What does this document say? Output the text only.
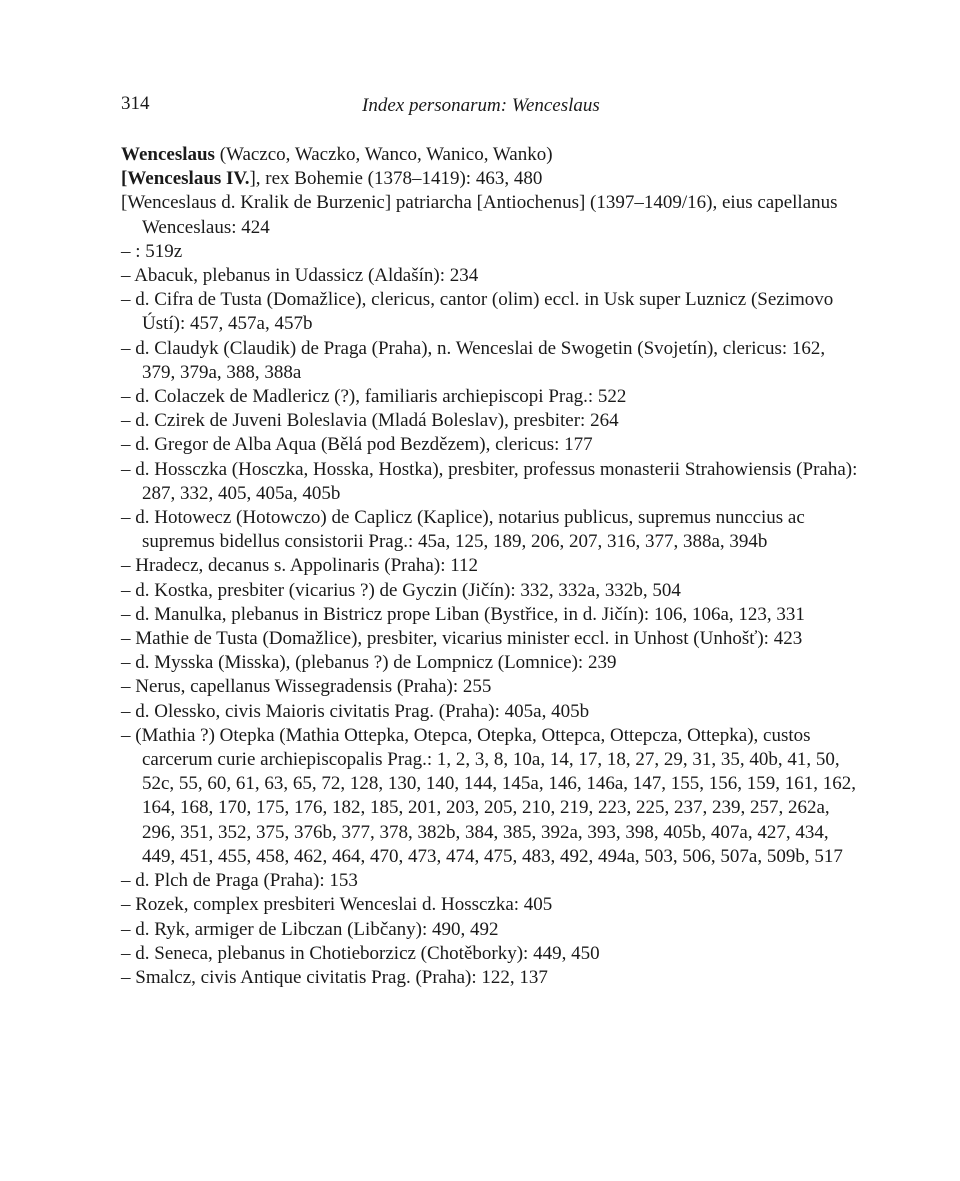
314	Index personarum: Wenceslaus

Wenceslaus (Waczco, Waczko, Wanco, Wanico, Wanko)

[Wenceslaus IV.], rex Bohemie (1378–1419): 463, 480

[Wenceslaus d. Kralik de Burzenic] patriarcha [Antiochenus] (1397–1409/16), eius capellanus Wenceslaus: 424

– : 519z

– Abacuk, plebanus in Udassicz (Aldašín): 234

– d. Cifra de Tusta (Domažlice), clericus, cantor (olim) eccl. in Usk super Luznicz (Sezimovo Ústí): 457, 457a, 457b

– d. Claudyk (Claudik) de Praga (Praha), n. Wenceslai de Swogetin (Svojetín), clericus: 162, 379, 379a, 388, 388a

– d. Colaczek de Madlericz (?), familiaris archiepiscopi Prag.: 522

– d. Czirek de Juveni Boleslavia (Mladá Boleslav), presbiter: 264

– d. Gregor de Alba Aqua (Bělá pod Bezdězem), clericus: 177

– d. Hossczka (Hosczka, Hosska, Hostka), presbiter, professus monasterii Strahowiensis (Praha): 287, 332, 405, 405a, 405b

– d. Hotowecz (Hotowczo) de Caplicz (Kaplice), notarius publicus, supremus nunccius ac supremus bidellus consistorii Prag.: 45a, 125, 189, 206, 207, 316, 377, 388a, 394b

– Hradecz, decanus s. Appolinaris (Praha): 112

– d. Kostka, presbiter (vicarius ?) de Gyczin (Jičín): 332, 332a, 332b, 504

– d. Manulka, plebanus in Bistricz prope Liban (Bystřice, in d. Jičín): 106, 106a, 123, 331

– Mathie de Tusta (Domažlice), presbiter, vicarius minister eccl. in Unhost (Unhošť): 423

– d. Mysska (Misska), (plebanus ?) de Lompnicz (Lomnice): 239

– Nerus, capellanus Wissegradensis (Praha): 255

– d. Olessko, civis Maioris civitatis Prag. (Praha): 405a, 405b

– (Mathia ?) Otepka (Mathia Ottepka, Otepca, Otepka, Ottepca, Ottepcza, Ottepka), custos carcerum curie archiepiscopalis Prag.: 1, 2, 3, 8, 10a, 14, 17, 18, 27, 29, 31, 35, 40b, 41, 50, 52c, 55, 60, 61, 63, 65, 72, 128, 130, 140, 144, 145a, 146, 146a, 147, 155, 156, 159, 161, 162, 164, 168, 170, 175, 176, 182, 185, 201, 203, 205, 210, 219, 223, 225, 237, 239, 257, 262a, 296, 351, 352, 375, 376b, 377, 378, 382b, 384, 385, 392a, 393, 398, 405b, 407a, 427, 434, 449, 451, 455, 458, 462, 464, 470, 473, 474, 475, 483, 492, 494a, 503, 506, 507a, 509b, 517

– d. Plch de Praga (Praha): 153

– Rozek, complex presbiteri Wenceslai d. Hossczka: 405

– d. Ryk, armiger de Libczan (Libčany): 490, 492

– d. Seneca, plebanus in Chotieborzicz (Chotěborky): 449, 450

– Smalcz, civis Antique civitatis Prag. (Praha): 122, 137
